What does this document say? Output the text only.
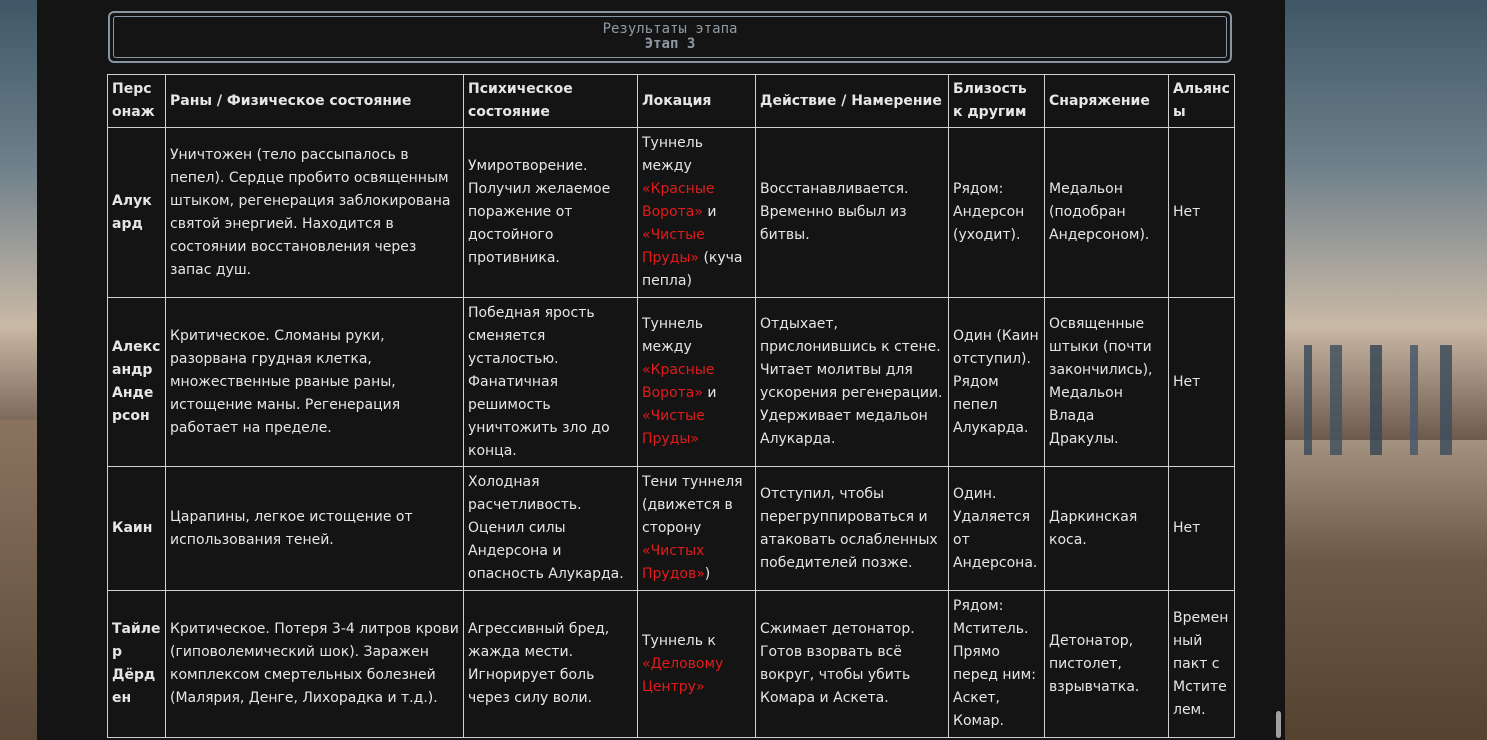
Результаты этапа
Этап 3
Персонаж	Раны / Физическое состояние	Психическое состояние	Локация	Действие / Намерение	Близость к другим	Снаряжение	Альянсы
Алукард	Уничтожен (тело рассыпалось в пепел). Сердце пробито освященным штыком, регенерация заблокирована святой энергией. Находится в состоянии восстановления через запас душ.	Умиротворение. Получил желаемое поражение от достойного противника.	Туннель между «Красные Ворота» и «Чистые Пруды» (куча пепла)	Восстанавливается. Временно выбыл из битвы.	Рядом: Андерсон (уходит).	Медальон (подобран Андерсоном).	Нет
Александр Андерсон	Критическое. Сломаны руки, разорвана грудная клетка, множественные рваные раны, истощение маны. Регенерация работает на пределе.	Победная ярость сменяется усталостью. Фанатичная решимость уничтожить зло до конца.	Туннель между «Красные Ворота» и «Чистые Пруды»	Отдыхает, прислонившись к стене. Читает молитвы для ускорения регенерации. Удерживает медальон Алукарда.	Один (Каин отступил). Рядом пепел Алукарда.	Освященные штыки (почти закончились), Медальон Влада Дракулы.	Нет
Каин	Царапины, легкое истощение от использования теней.	Холодная расчетливость. Оценил силы Андерсона и опасность Алукарда.	Тени туннеля (движется в сторону «Чистых Прудов»)	Отступил, чтобы перегруппироваться и атаковать ослабленных победителей позже.	Один. Удаляется от Андерсона.	Даркинская коса.	Нет
Тайлер Дёрден	Критическое. Потеря 3-4 литров крови (гиповолемический шок). Заражен комплексом смертельных болезней (Малярия, Денге, Лихорадка и т.д.).	Агрессивный бред, жажда мести. Игнорирует боль через силу воли.	Туннель к «Деловому Центру»	Сжимает детонатор. Готов взорвать всё вокруг, чтобы убить Комара и Аскета.	Рядом: Мститель. Прямо перед ним: Аскет, Комар.	Детонатор, пистолет, взрывчатка.	Временный пакт с Мстителем.
